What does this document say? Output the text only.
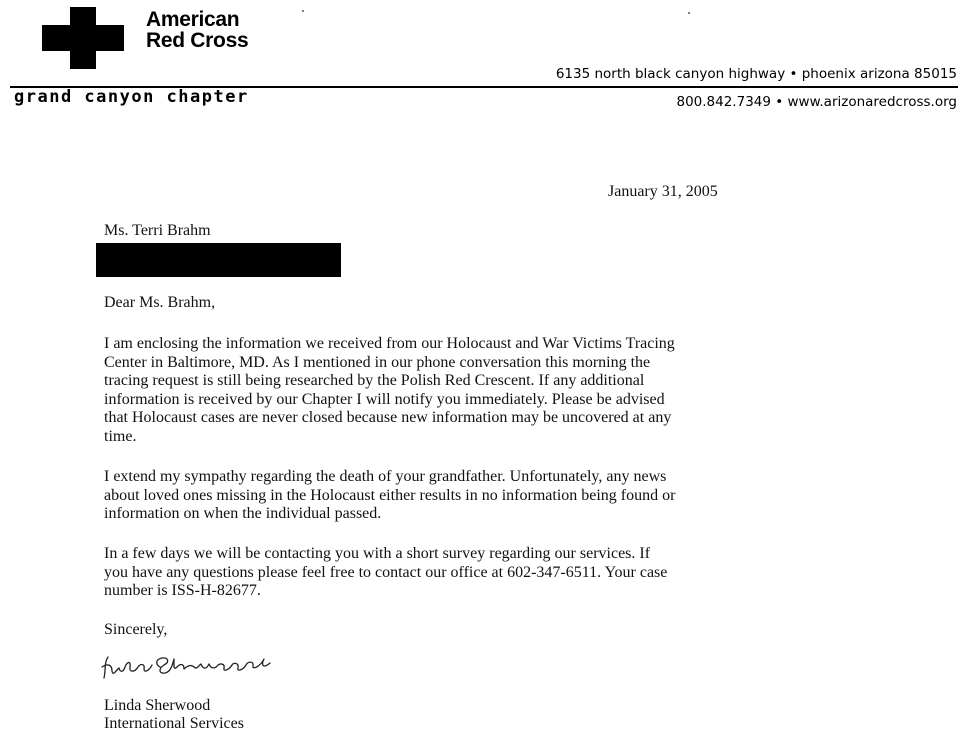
American
Red Cross
6135 north black canyon highway • phoenix arizona 85015
grand canyon chapter	800.842.7349 • www.arizonaredcross.org
January 31, 2005
Ms. Terri Brahm
Dear Ms. Brahm,

I am enclosing the information we received from our Holocaust and War Victims Tracing
Center in Baltimore, MD. As I mentioned in our phone conversation this morning the
tracing request is still being researched by the Polish Red Crescent. If any additional
information is received by our Chapter I will notify you immediately. Please be advised
that Holocaust cases are never closed because new information may be uncovered at any
time.

I extend my sympathy regarding the death of your grandfather. Unfortunately, any news
about loved ones missing in the Holocaust either results in no information being found or
information on when the individual passed.

In a few days we will be contacting you with a short survey regarding our services. If
you have any questions please feel free to contact our office at 602-347-6511. Your case
number is ISS-H-82677.

Sincerely,
Linda Sherwood
International Services
